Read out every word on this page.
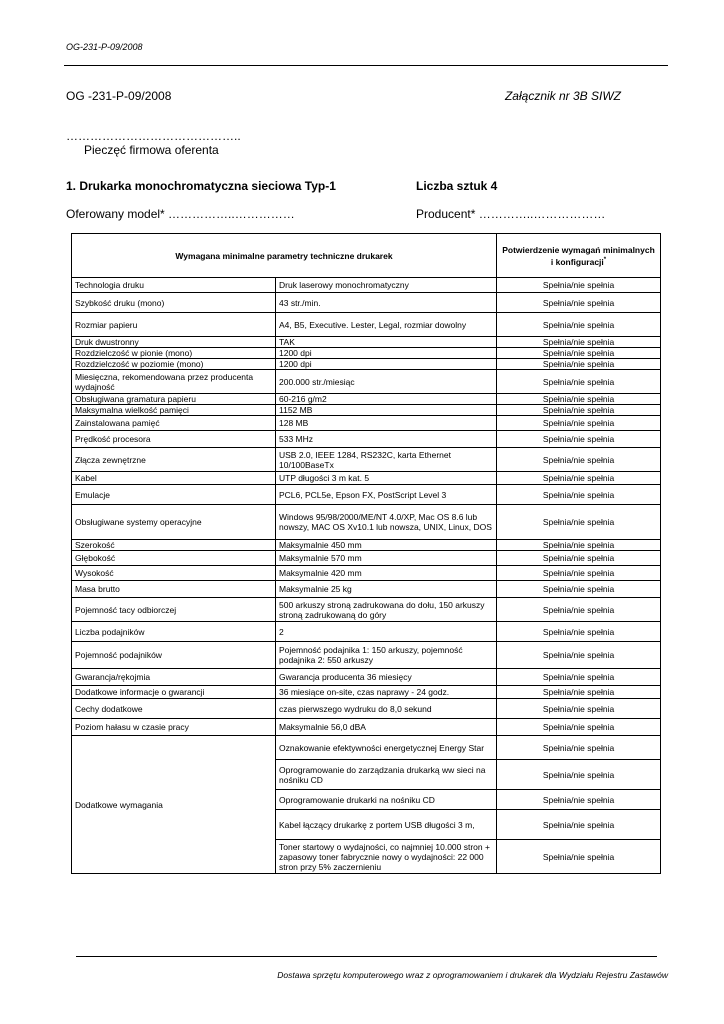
OG-231-P-09/2008
OG -231-P-09/2008	Załącznik nr 3B SIWZ
……………………………………..
Pieczęć firmowa oferenta
1. Drukarka monochromatyczna sieciowa Typ-1	Liczba sztuk 4
Oferowany model* ……………..……………	Producent* …………..………………
Wymagana minimalne parametry techniczne drukarek		Potwierdzenie wymagań minimalnych i konfiguracji*
Technologia druku	Druk laserowy monochromatyczny	Spełnia/nie spełnia
Szybkość druku (mono)	43 str./min.	Spełnia/nie spełnia
Rozmiar papieru	A4, B5, Executive. Lester, Legal, rozmiar dowolny	Spełnia/nie spełnia
Druk dwustronny	TAK	Spełnia/nie spełnia
Rozdzielczość w pionie (mono)	1200 dpi	Spełnia/nie spełnia
Rozdzielczość w poziomie (mono)	1200 dpi	Spełnia/nie spełnia
Miesięczna, rekomendowana przez producenta wydajność	200.000 str./miesiąc	Spełnia/nie spełnia
Obsługiwana gramatura papieru	60-216 g/m2	Spełnia/nie spełnia
Maksymalna wielkość pamięci	1152 MB	Spełnia/nie spełnia
Zainstalowana pamięć	128 MB	Spełnia/nie spełnia
Prędkość procesora	533 MHz	Spełnia/nie spełnia
Złącza zewnętrzne	USB 2.0, IEEE 1284, RS232C, karta Ethernet 10/100BaseTx	Spełnia/nie spełnia
Kabel	UTP długości 3 m kat. 5	Spełnia/nie spełnia
Emulacje	PCL6, PCL5e, Epson FX, PostScript Level 3	Spełnia/nie spełnia
Obsługiwane systemy operacyjne	Windows 95/98/2000/ME/NT 4.0/XP, Mac OS 8.6 lub nowszy, MAC OS Xv10.1 lub nowsza, UNIX, Linux, DOS	Spełnia/nie spełnia
Szerokość	Maksymalnie 450 mm	Spełnia/nie spełnia
Głębokość	Maksymalnie 570 mm	Spełnia/nie spełnia
Wysokość	Maksymalnie 420 mm	Spełnia/nie spełnia
Masa brutto	Maksymalnie 25 kg	Spełnia/nie spełnia
Pojemność tacy odbiorczej	500 arkuszy stroną zadrukowana do dołu, 150 arkuszy stroną zadrukowaną do góry	Spełnia/nie spełnia
Liczba podajników	2	Spełnia/nie spełnia
Pojemność podajników	Pojemność podajnika 1: 150 arkuszy, pojemność podajnika 2: 550 arkuszy	Spełnia/nie spełnia
Gwarancja/rękojmia	Gwarancja producenta 36 miesięcy	Spełnia/nie spełnia
Dodatkowe informacje o gwarancji	36 miesiące on-site, czas naprawy - 24 godz.	Spełnia/nie spełnia
Cechy dodatkowe	czas pierwszego wydruku do 8,0 sekund	Spełnia/nie spełnia
Poziom hałasu w czasie pracy	Maksymalnie 56,0 dBA	Spełnia/nie spełnia
Dodatkowe wymagania	Oznakowanie efektywności energetycznej Energy Star	Spełnia/nie spełnia
	Oprogramowanie do zarządzania drukarką ww sieci na nośniku CD	Spełnia/nie spełnia
	Oprogramowanie drukarki na nośniku CD	Spełnia/nie spełnia
	Kabel łączący drukarkę z portem USB długości 3 m,	Spełnia/nie spełnia
	Toner startowy o wydajności, co najmniej 10.000 stron + zapasowy toner fabrycznie nowy o wydajności: 22 000 stron przy 5% zaczernieniu	Spełnia/nie spełnia
Dostawa sprzętu komputerowego wraz z oprogramowaniem i drukarek dla Wydziału Rejestru Zastawów
